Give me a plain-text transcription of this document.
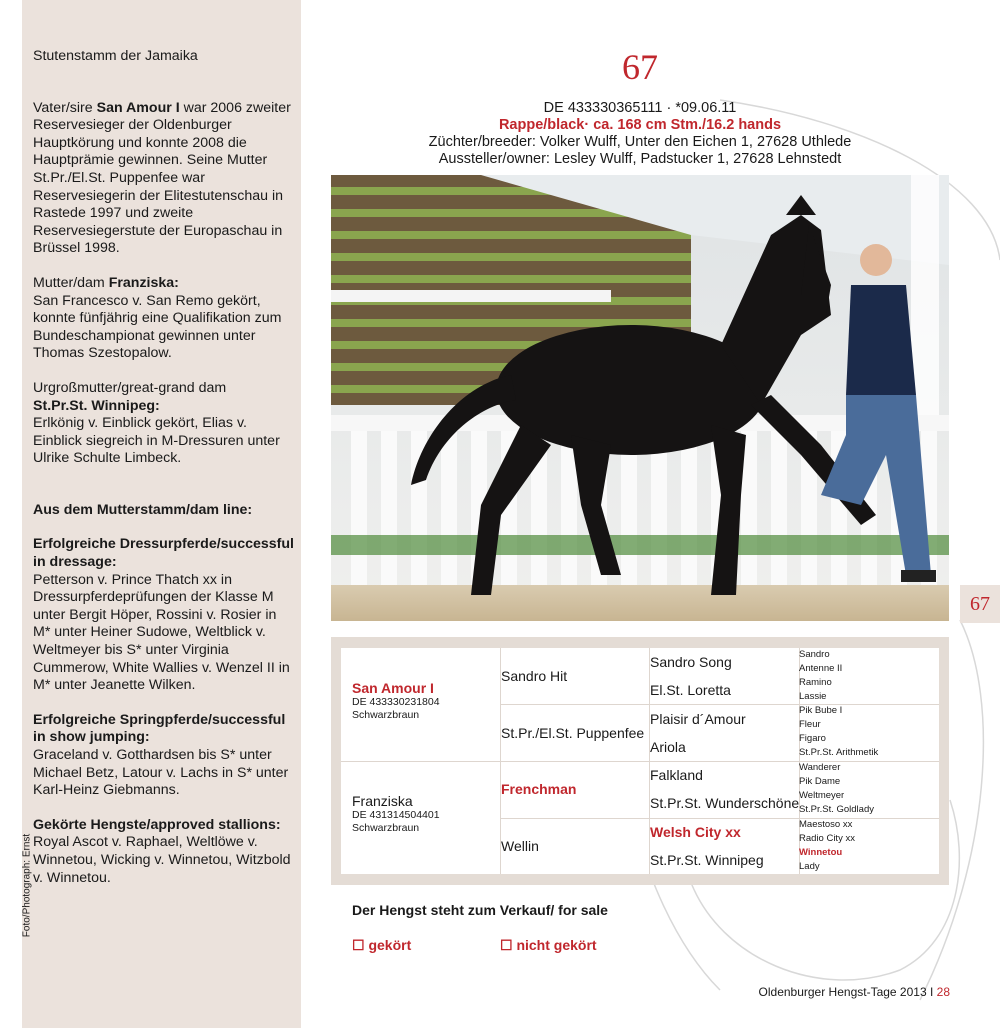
Stutenstamm der Jamaika

Vater/sire San Amour I war 2006 zweiter Reservesieger der Oldenburger Hauptkörung und konnte 2008 die Hauptprämie gewinnen. Seine Mutter St.Pr./El.St. Puppenfee war Reservesiegerin der Elitestutenschau in Rastede 1997 und zweite Reservesiegerstute der Europaschau in Brüssel 1998.

Mutter/dam Franziska:
San Francesco v. San Remo gekört, konnte fünfjährig eine Qualifikation zum Bundeschampionat gewinnen unter Thomas Szestopalow.

Urgroßmutter/great-grand dam
St.Pr.St. Winnipeg:
Erlkönig v. Einblick gekört, Elias v. Einblick siegreich in M-Dressuren unter Ulrike Schulte Limbeck.

Aus dem Mutterstamm/dam line:

Erfolgreiche Dressurpferde/successful in dressage:
Petterson v. Prince Thatch xx in Dressurpferdeprüfungen der Klasse M unter Bergit Höper, Rossini v. Rosier in M* unter Heiner Sudowe, Weltblick v. Weltmeyer bis S* unter Virginia Cummerow, White Wallies v. Wenzel II in M* unter Jeanette Wilken.

Erfolgreiche Springpferde/successful in show jumping:
Graceland v. Gotthardsen bis S* unter Michael Betz, Latour v. Lachs in S* unter Karl-Heinz Giebmanns.

Gekörte Hengste/approved stallions:
Royal Ascot v. Raphael, Weltlöwe v. Winnetou, Wicking v. Winnetou, Witzbold v. Winnetou.

Foto/Photograph: Ernst
67
DE 433330365111 · *09.06.11
Rappe/black· ca. 168 cm Stm./16.2 hands
Züchter/breeder: Volker Wulff, Unter den Eichen 1, 27628 Uthlede
Aussteller/owner: Lesley Wulff, Padstucker 1, 27628 Lehnstedt
67
San Amour I
DE 433330231804
Schwarzbraun
Franziska
DE 431314504401
Schwarzbraun
Sandro Hit
St.Pr./El.St. Puppenfee
Frenchman
Wellin
Sandro Song
El.St. Loretta
Plaisir d´Amour
Ariola
Falkland
St.Pr.St. Wunderschöne
Welsh City xx
St.Pr.St. Winnipeg
Sandro
Antenne II
Ramino
Lassie
Pik Bube I
Fleur
Figaro
St.Pr.St. Arithmetik
Wanderer
Pik Dame
Weltmeyer
St.Pr.St. Goldlady
Maestoso xx
Radio City xx
Winnetou
Lady
Der Hengst steht zum Verkauf/ for sale
☐ gekört	☐ nicht gekört
Oldenburger Hengst-Tage 2013 I 28
